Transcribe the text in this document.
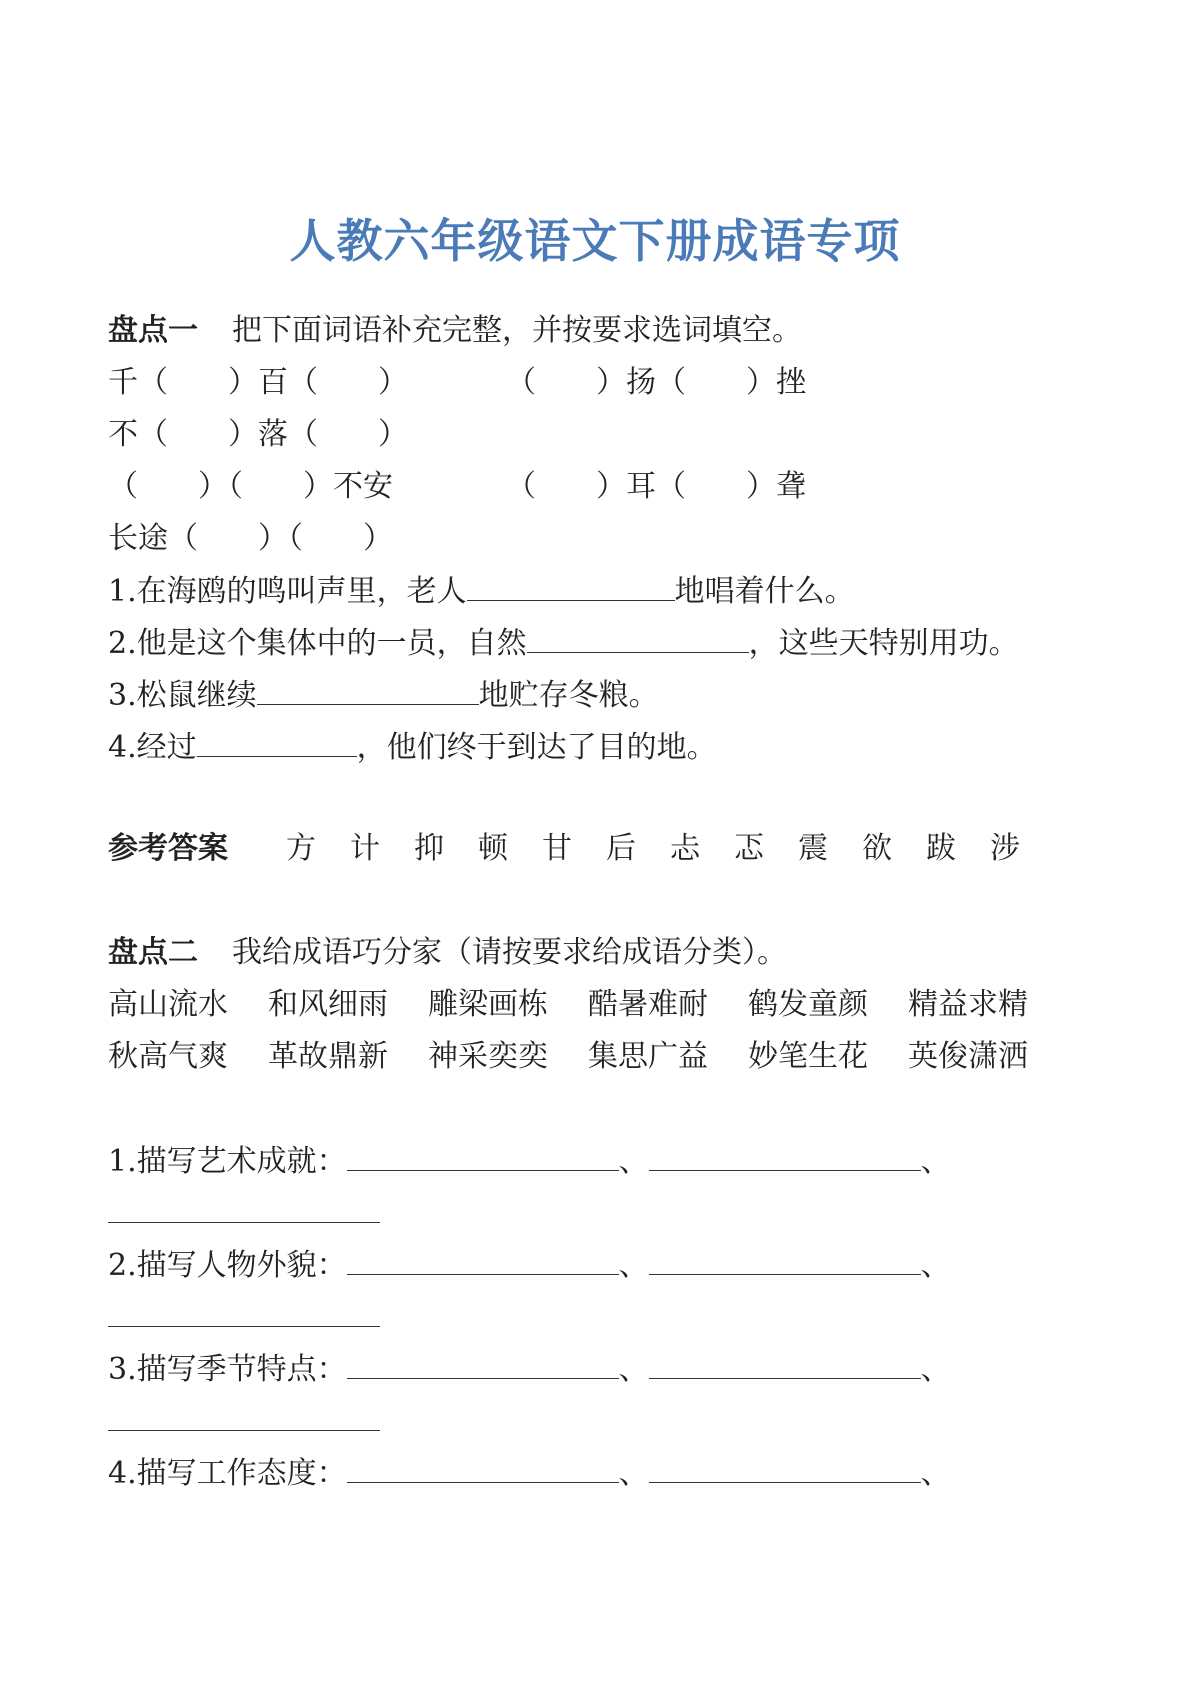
人教六年级语文下册成语专项
盘点一 把下面词语补充完整，并按要求选词填空。
千（　　）百（　　）	（　　）扬（　　）挫
不（　　）落（　　）
（　　）（　　）不安	（　　）耳（　　）聋
长途（　　）（　　）
1.在海鸥的鸣叫声里，老人	地唱着什么。
2.他是这个集体中的一员，自然	，这些天特别用功。
3.松鼠继续	地贮存冬粮。
4.经过	，他们终于到达了目的地。
参考答案 方 计 抑 顿 甘 后 忐 忑 震 欲 跋 涉
盘点二 我给成语巧分家（请按要求给成语分类）。
高山流水 和风细雨 雕梁画栋 酷暑难耐 鹤发童颜 精益求精
秋高气爽 革故鼎新 神采奕奕 集思广益 妙笔生花 英俊潇洒
1.描写艺术成就：	、	、
2.描写人物外貌：	、	、
3.描写季节特点：	、	、
4.描写工作态度：	、	、
